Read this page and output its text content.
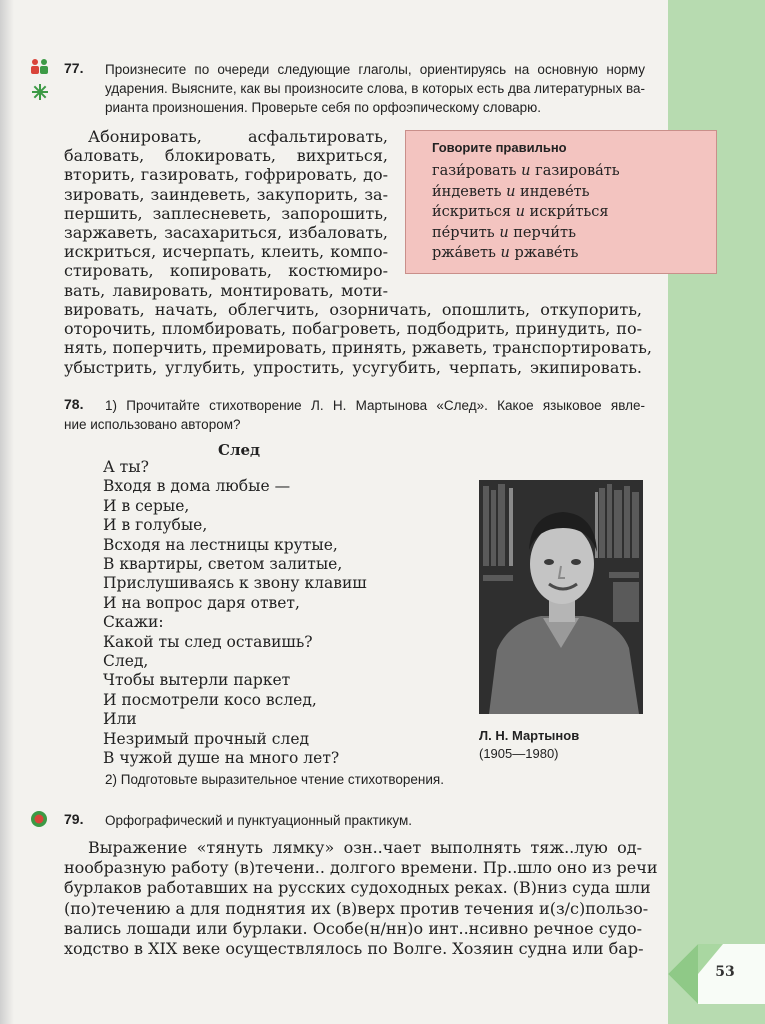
53
77. Произнесите по очереди следующие глаголы, ориентируясь на основную норму
ударения. Выясните, как вы произносите слова, в которых есть два литературных ва-
рианта произношения. Проверьте себя по орфоэпическому словарю.
Абонировать, асфальтировать,
баловать, блокировать, вихриться,
вторить, газировать, гофрировать, до-
зировать, заиндеветь, закупорить, за-
першить, заплесневеть, запорошить,
заржаветь, засахариться, избаловать,
искриться, исчерпать, клеить, компо-
стировать, копировать, костюмиро-
вать, лавировать, монтировать, моти-
вировать, начать, облегчить, озорничать, опошлить, откупорить,
оторочить, пломбировать, побагроветь, подбодрить, принудить, по-
нять, поперчить, премировать, принять, ржаветь, транспортировать,
убыстрить, углубить, упростить, усугубить, черпать, экипировать.
Говорите правильно
гази́ровать и газирова́ть
и́ндеветь и индеве́ть
и́скриться и искри́ться
пе́рчить и перчи́ть
ржа́веть и ржаве́ть
78. 1) Прочитайте стихотворение Л. Н. Мартынова «След». Какое языковое явле-
ние использовано автором?
След
А ты?
Входя в дома любые —
И в серые,
И в голубые,
Всходя на лестницы крутые,
В квартиры, светом залитые,
Прислушиваясь к звону клавиш
И на вопрос даря ответ,
Скажи:
Какой ты след оставишь?
След,
Чтобы вытерли паркет
И посмотрели косо вслед,
Или
Незримый прочный след
В чужой душе на много лет?
Л. Н. Мартынов
(1905—1980)
2) Подготовьте выразительное чтение стихотворения.
79. Орфографический и пунктуационный практикум.
Выражение «тянуть лямку» озн..чает выполнять тяж..лую од-
нообразную работу (в)течени.. долгого времени. Пр..шло оно из речи
бурлаков работавших на русских судоходных реках. (В)низ суда шли
(по)течению а для поднятия их (в)верх против течения и(з/с)пользо-
вались лошади или бурлаки. Особе(н/нн)о инт..нсивно речное судо-
ходство в XIX веке осуществлялось по Волге. Хозяин судна или бар-
